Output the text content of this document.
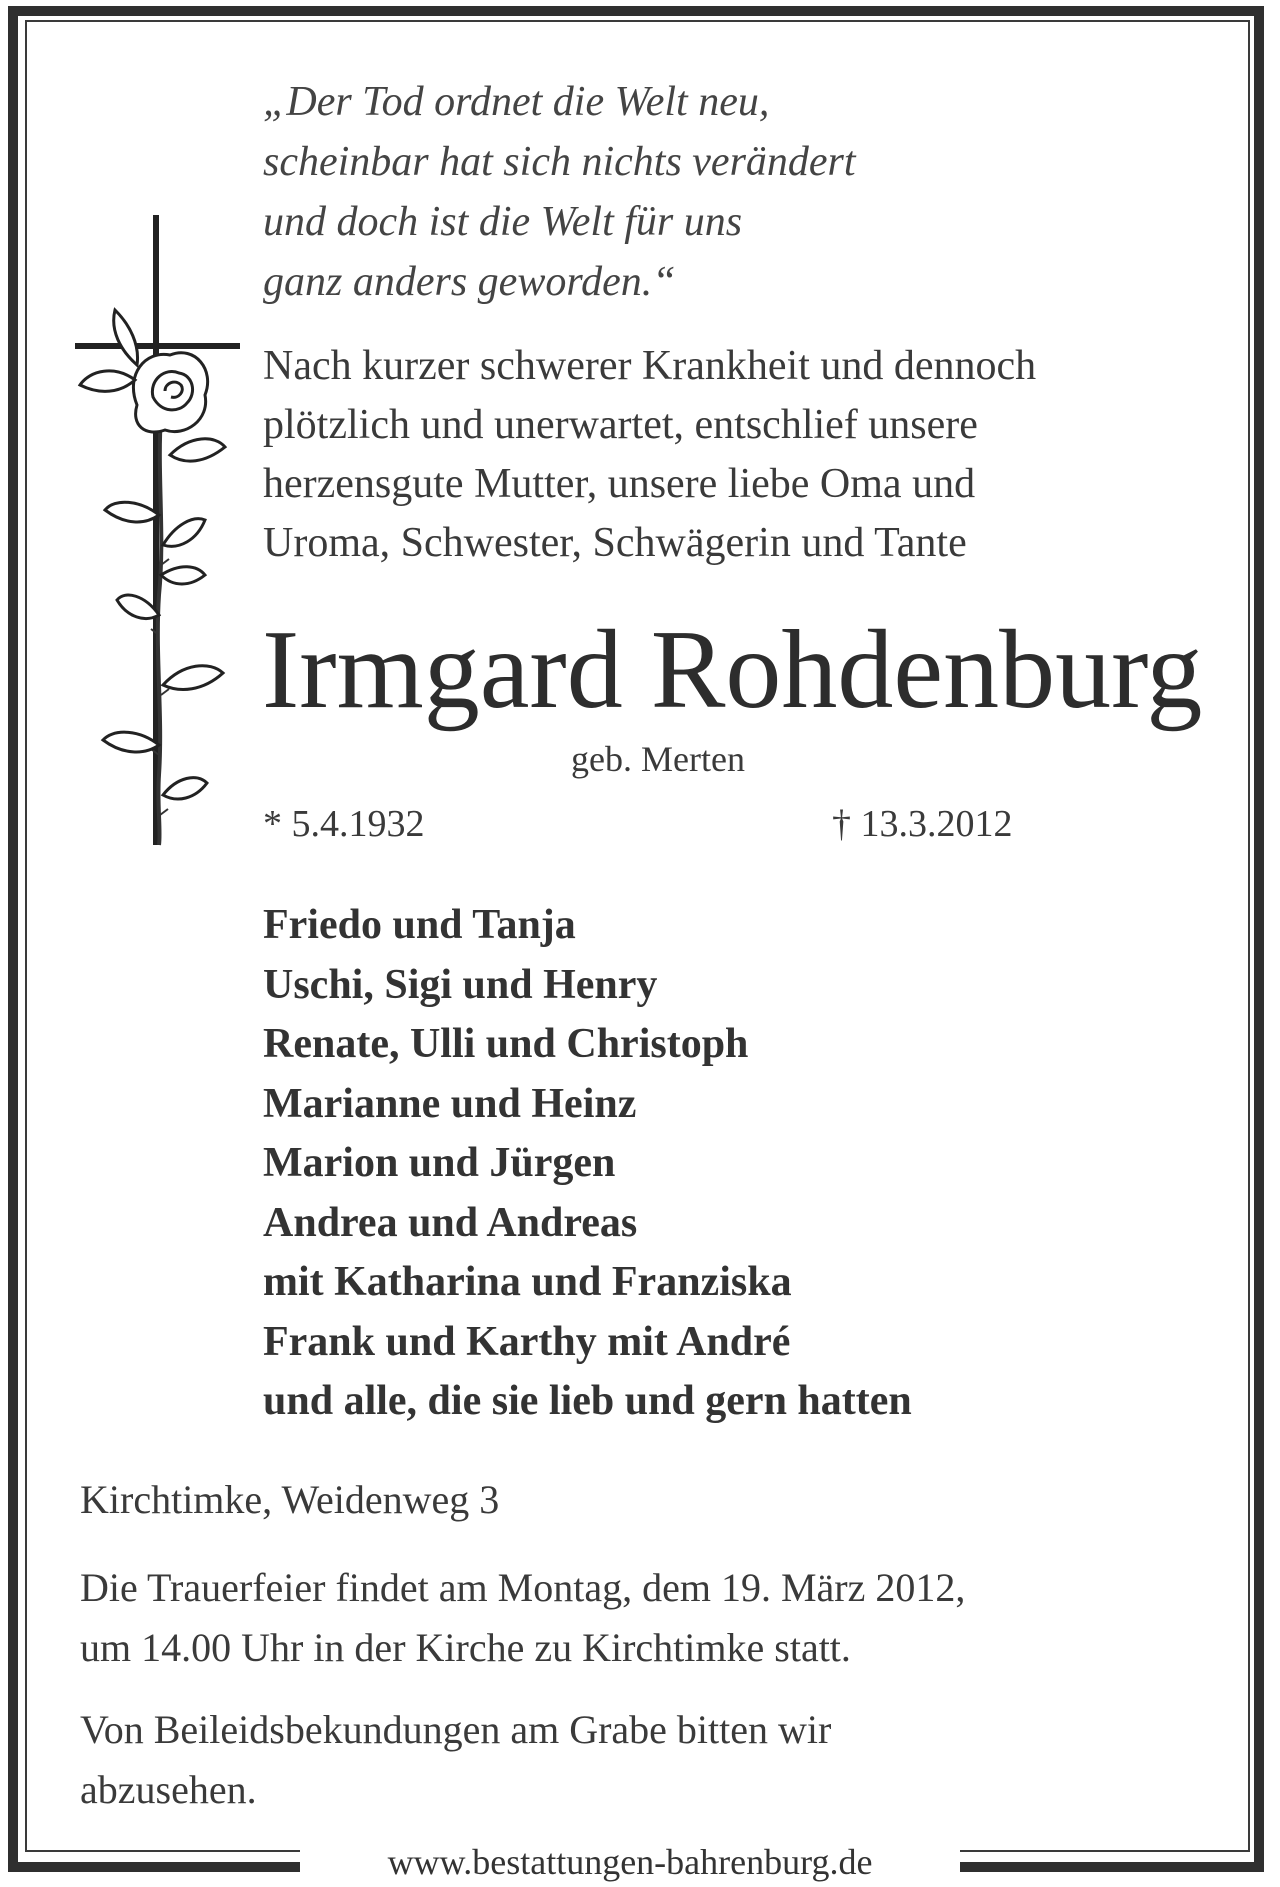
„Der Tod ordnet die Welt neu,
scheinbar hat sich nichts verändert
und doch ist die Welt für uns
ganz anders geworden.“

Nach kurzer schwerer Krankheit und dennoch
plötzlich und unerwartet, entschlief unsere
herzensgute Mutter, unsere liebe Oma und
Uroma, Schwester, Schwägerin und Tante

Irmgard Rohdenburg
geb. Merten
* 5.4.1932	† 13.3.2012
Friedo und Tanja
Uschi, Sigi und Henry
Renate, Ulli und Christoph
Marianne und Heinz
Marion und Jürgen
Andrea und Andreas
mit Katharina und Franziska
Frank und Karthy mit André
und alle, die sie lieb und gern hatten
Kirchtimke, Weidenweg 3

Die Trauerfeier findet am Montag, dem 19. März 2012,
um 14.00 Uhr in der Kirche zu Kirchtimke statt.

Von Beileidsbekundungen am Grabe bitten wir
abzusehen.

www.bestattungen-bahrenburg.de
